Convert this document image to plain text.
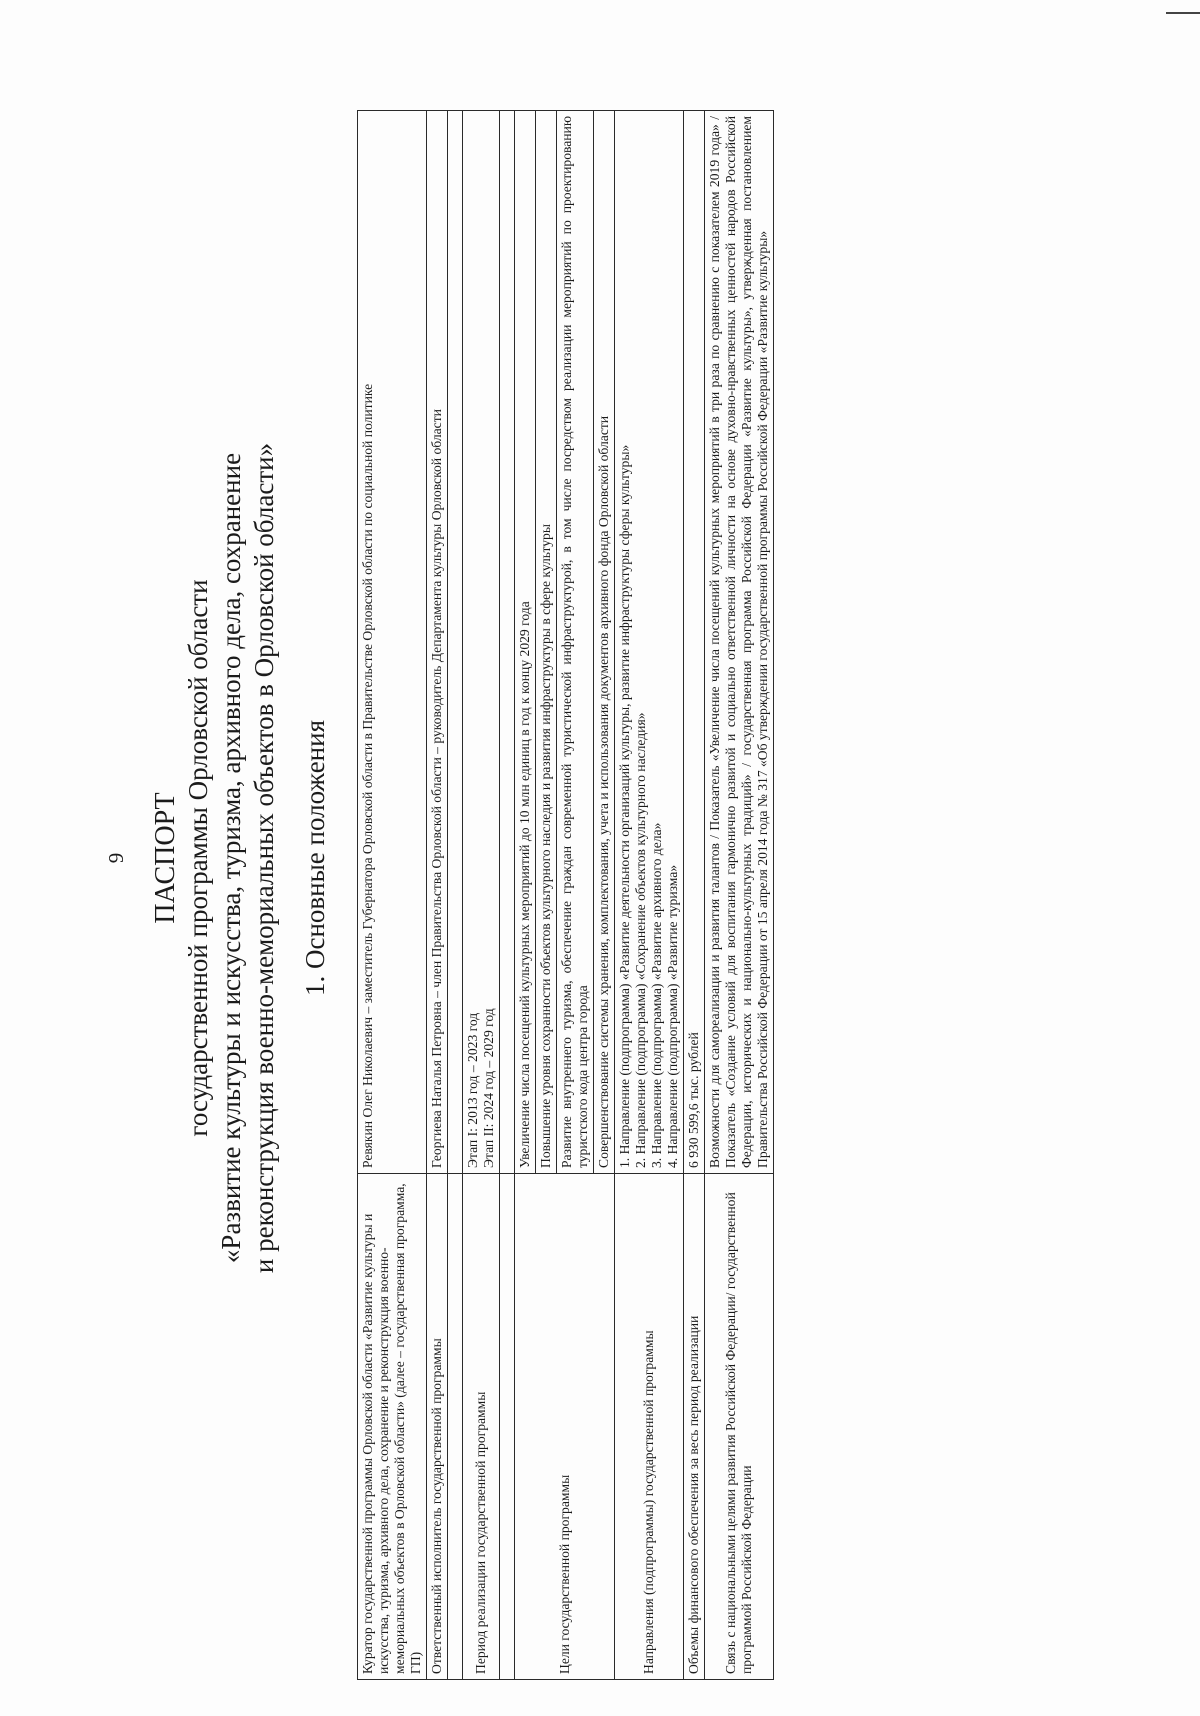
9 ПАСПОРТ государственной программы Орловской области «Развитие культуры и искусства, туризма, архивного дела, сохранение и реконструкция военно-мемориальных объектов в Орловской области» 1. Основные положения
Куратор государственной программы Орловской области «Развитие культуры и искусства, туризма, архивного дела, сохранение и реконструкция военно-мемориальных объектов в Орловской области» (далее – государственная программа, ГП)	Ревякин Олег Николаевич – заместитель Губернатора Орловской области в Правительстве Орловской области по социальной политике
Ответственный исполнитель государственной программы	Георгиева Наталья Петровна – член Правительства Орловской области – руководитель Департамента культуры Орловской области

Период реализации государственной программы	Этап I: 2013 год – 2023 год Этап II: 2024 год – 2029 год

Цели государственной программы	Увеличение числа посещений культурных мероприятий до 10 млн единиц в год к концу 2029 года
	Повышение уровня сохранности объектов культурного наследия и развития инфраструктуры в сфере культуры
	Развитие внутреннего туризма, обеспечение граждан современной туристической инфраструктурой, в том числе посредством реализации мероприятий по проектированию туристского кода центра города
	Совершенствование системы хранения, комплектования, учета и использования документов архивного фонда Орловской области
Направления (подпрограммы) государственной программы	1. Направление (подпрограмма) «Развитие деятельности организаций культуры, развитие инфраструктуры сферы культуры» 2. Направление (подпрограмма) «Сохранение объектов культурного наследия» 3. Направление (подпрограмма) «Развитие архивного дела» 4. Направление (подпрограмма) «Развитие туризма»

Объемы финансового обеспечения за весь период реализации	6 930 599,6 тыс. рублей
Связь с национальными целями развития Российской Федерации/ государственной программой Российской Федерации	Возможности для самореализации и развития талантов / Показатель «Увеличение числа посещений культурных мероприятий в три раза по сравнению с показателем 2019 года» / Показатель «Создание условий для воспитания гармонично развитой и социально ответственной личности на основе духовно-нравственных ценностей народов Российской Федерации, исторических и национально-культурных традиций» / государственная программа Российской Федерации «Развитие культуры», утвержденная постановлением Правительства Российской Федерации от 15 апреля 2014 года № 317 «Об утверждении государственной программы Российской Федерации «Развитие культуры»
